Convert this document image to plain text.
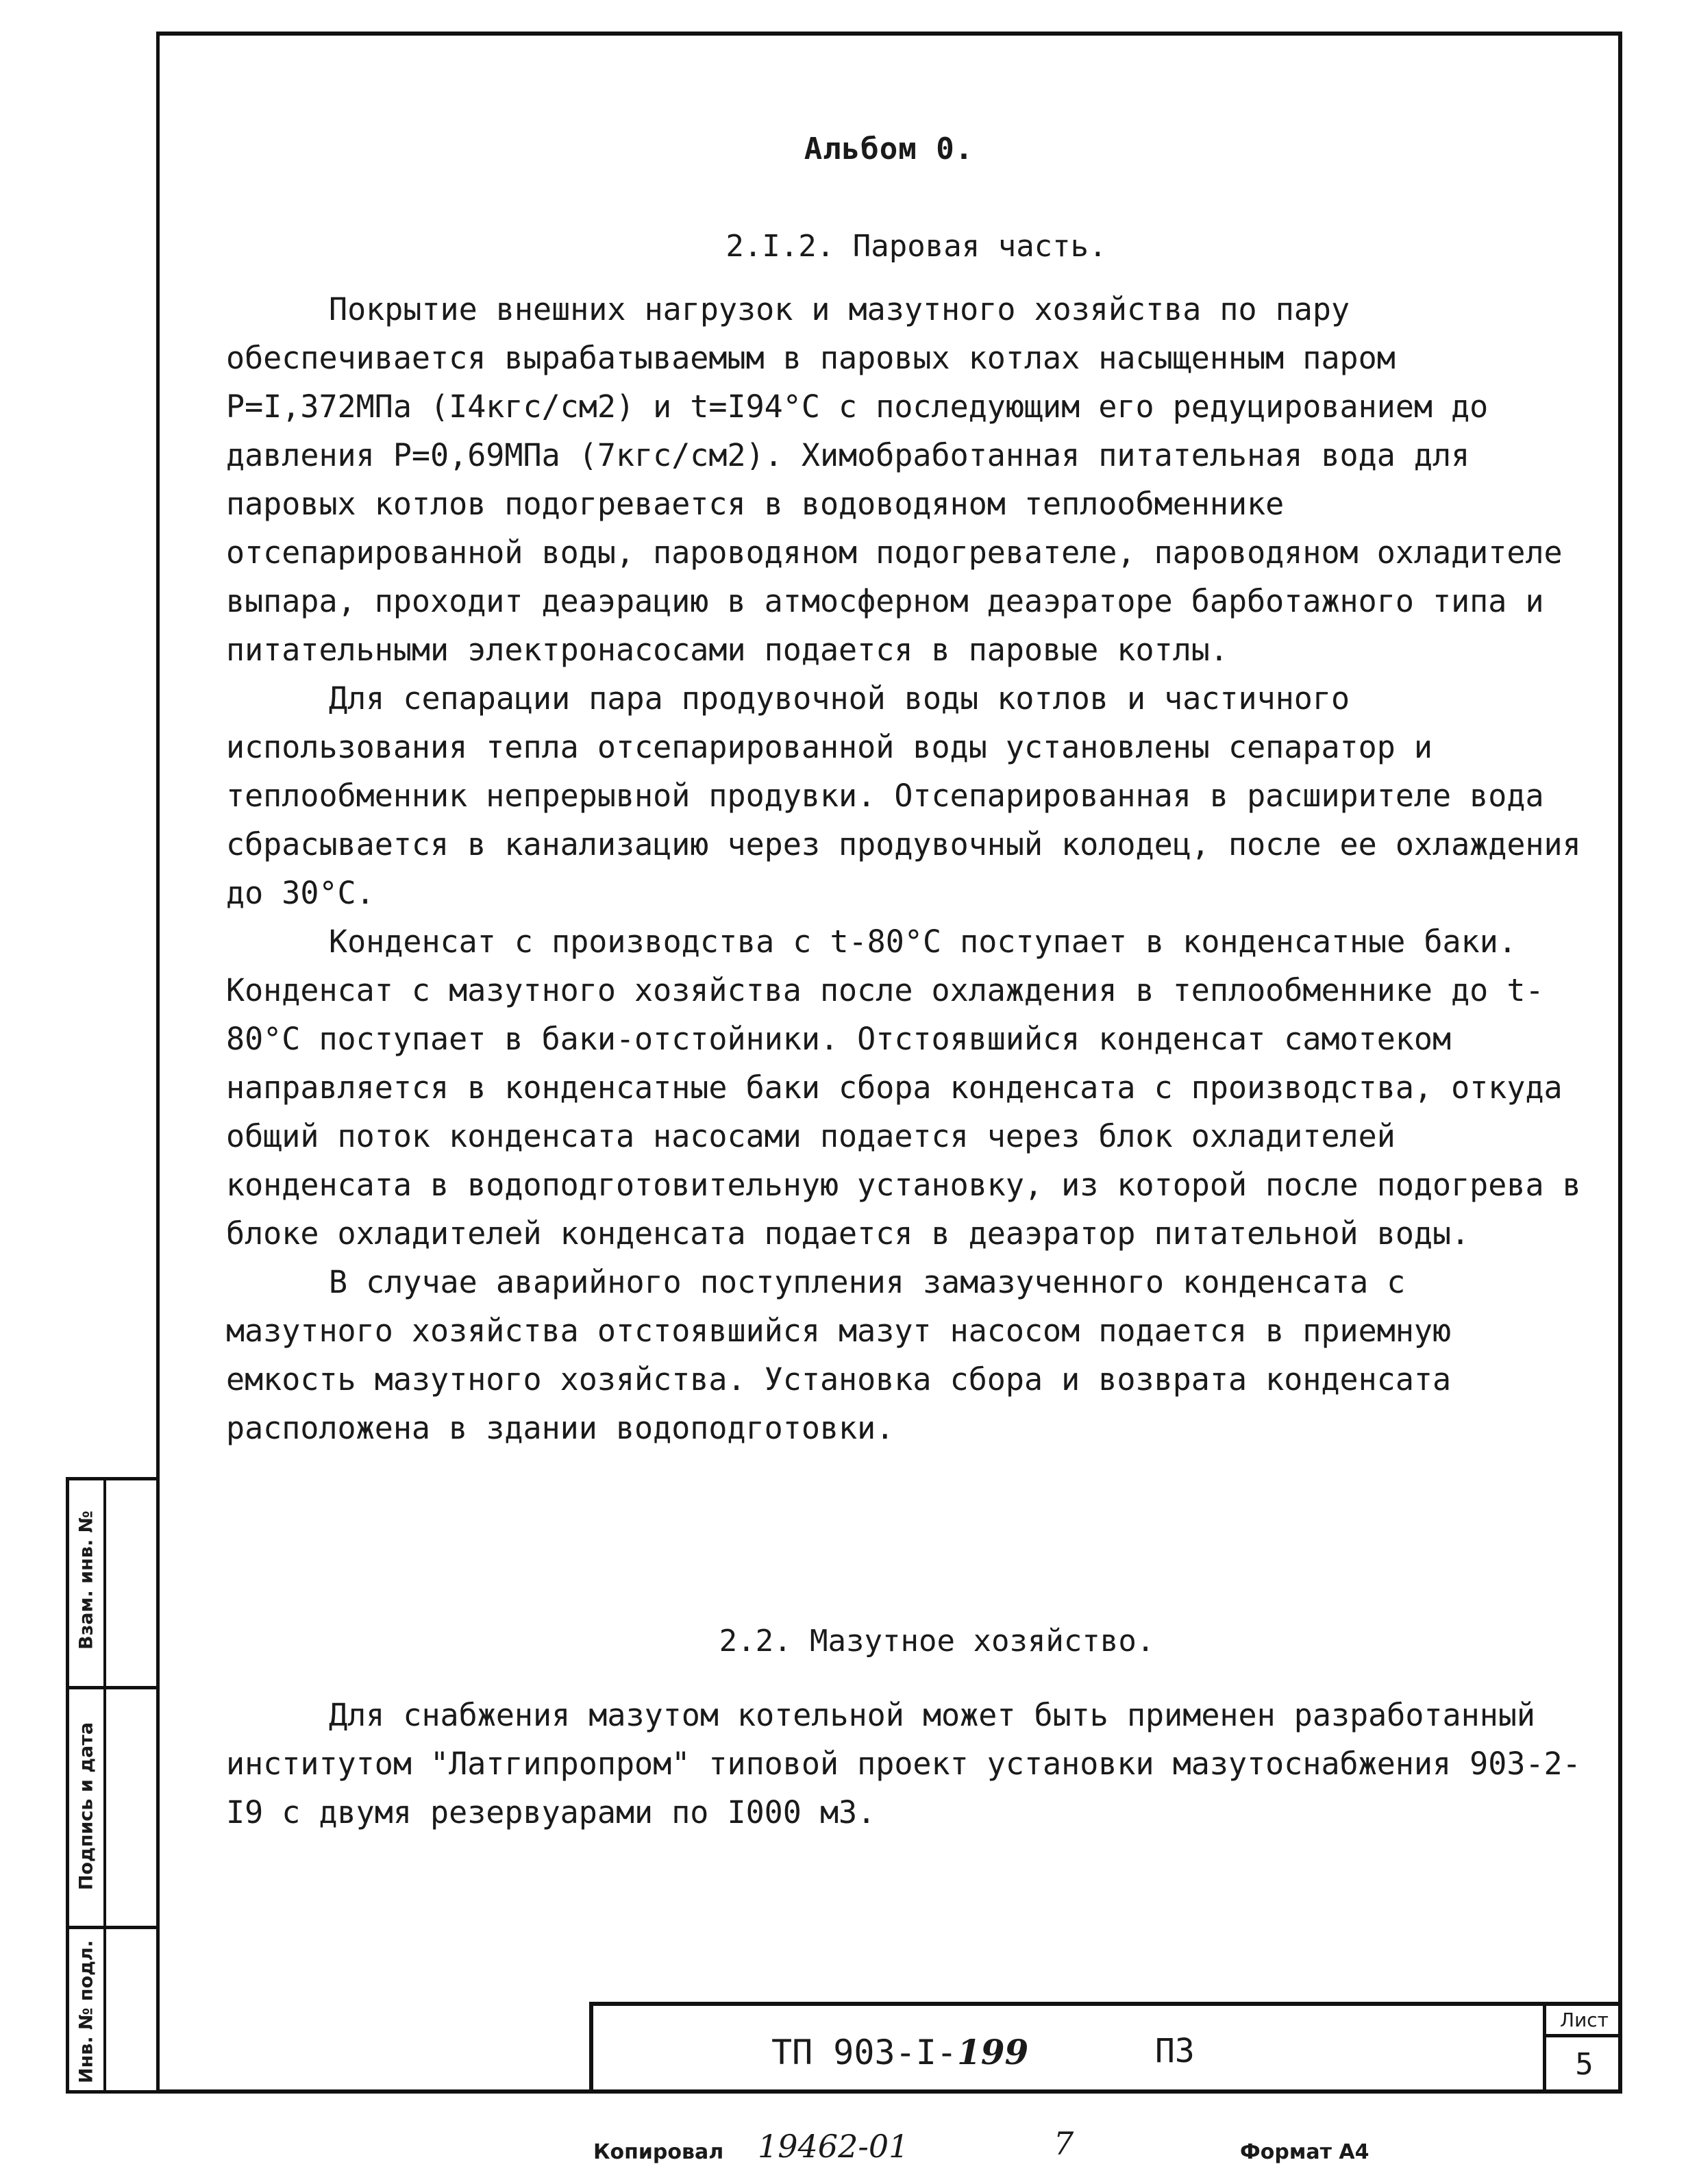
Альбом 0.
2.I.2. Паровая часть.
2.2. Мазутное хозяйство.

Покрытие внешних нагрузок и мазутного хозяйства по пару обеспечивается вырабатываемым в паровых котлах насыщенным паром P=I,372МПа (I4кгс/см2) и t=I94°C с последующим его редуцированием до давления P=0,69МПа (7кгс/см2). Химобработанная питательная вода для паровых котлов подогревается в водоводяном теплообменнике отсепарированной воды, пароводяном подогревателе, пароводяном охладителе выпара, проходит деаэрацию в атмосферном деаэраторе барботажного типа и питательными электронасосами подается в паровые котлы.

Для сепарации пара продувочной воды котлов и частичного использования тепла отсепарированной воды установлены сепаратор и теплообменник непрерывной продувки. Отсепарированная в расширителе вода сбрасывается в канализацию через продувочный колодец, после ее охлаждения до 30°С.

Конденсат с производства с t-80°С поступает в конденсатные баки. Конденсат с мазутного хозяйства после охлаждения в теплообменнике до t-80°С поступает в баки-отстойники. Отстоявшийся конденсат самотеком направляется в конденсатные баки сбора конденсата с производства, откуда общий поток конденсата насосами подается через блок охладителей конденсата в водоподготовительную установку, из которой после подогрева в блоке охладителей конденсата подается в деаэратор питательной воды.

В случае аварийного поступления замазученного конденсата с мазутного хозяйства отстоявшийся мазут насосом подается в приемную емкость мазутного хозяйства. Установка сбора и возврата конденсата расположена в здании водоподготовки.

Для снабжения мазутом котельной может быть применен разработанный институтом "Латгипропром" типовой проект установки мазутоснабжения 903-2-I9 с двумя резервуарами по I000 м3.

ТП 903-I-199	ПЗ
Лист
5
Взам. инв. №
Подпись и дата
Инв. № подл.
Копировал 19462-01	7	Формат А4
